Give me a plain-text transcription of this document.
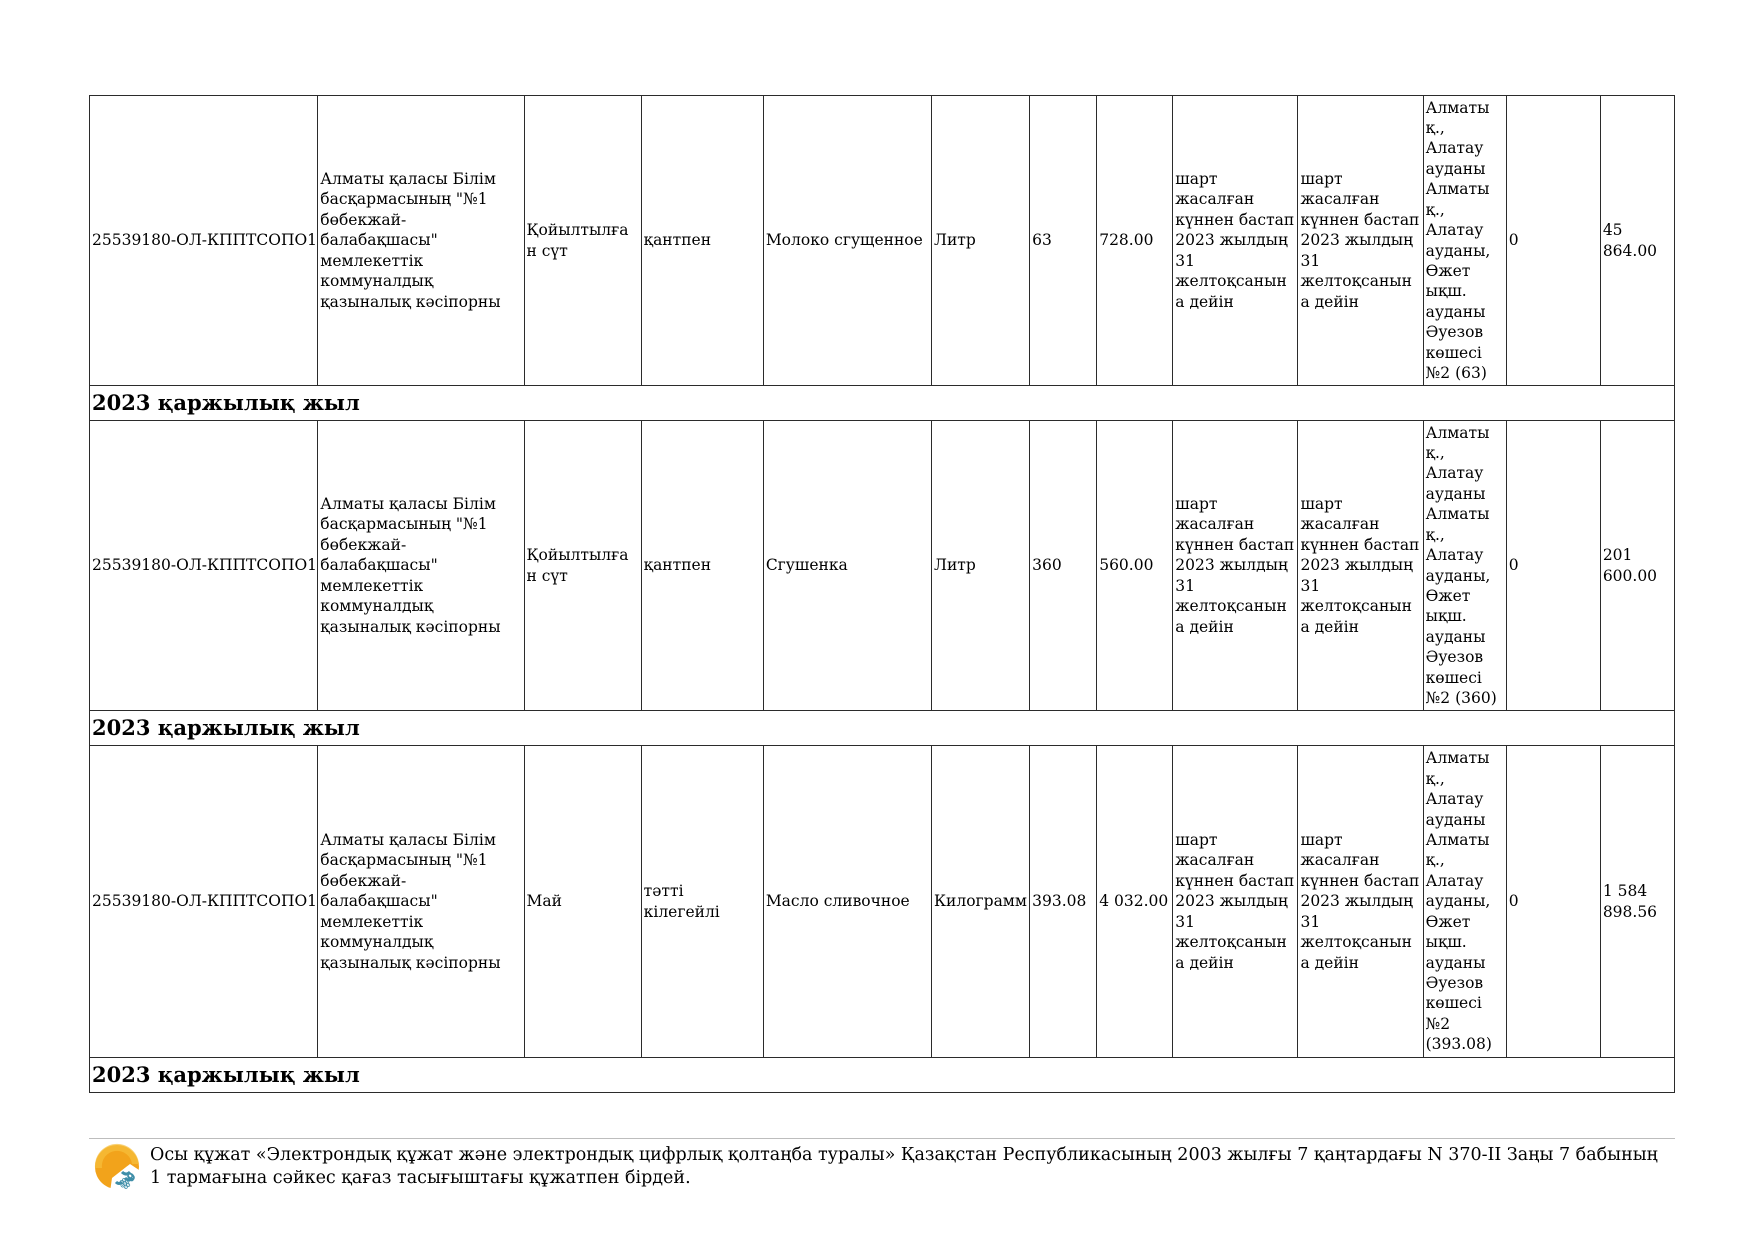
25539180-ОЛ-КППТСОПО1	Алматы қаласы Білім басқармасының "№1 бөбекжай-балабақшасы" мемлекеттік коммуналдық қазыналық кәсіпорны	Қойылтылған сүт	қантпен	Молоко сгущенное	Литр	63	728.00	шарт жасалған күннен бастап 2023 жылдың 31 желтоқсанына дейін	шарт жасалған күннен бастап 2023 жылдың 31 желтоқсанына дейін	Алматы қ., Алатау ауданы Алматы қ., Алатау ауданы, Өжет ықш. ауданы Әуезов көшесі №2 (63)	0	45 864.00
2023 қаржылық жыл												
25539180-ОЛ-КППТСОПО1	Алматы қаласы Білім басқармасының "№1 бөбекжай-балабақшасы" мемлекеттік коммуналдық қазыналық кәсіпорны	Қойылтылған сүт	қантпен	Сгушенка	Литр	360	560.00	шарт жасалған күннен бастап 2023 жылдың 31 желтоқсанына дейін	шарт жасалған күннен бастап 2023 жылдың 31 желтоқсанына дейін	Алматы қ., Алатау ауданы Алматы қ., Алатау ауданы, Өжет ықш. ауданы Әуезов көшесі №2 (360)	0	201 600.00
2023 қаржылық жыл												
25539180-ОЛ-КППТСОПО1	Алматы қаласы Білім басқармасының "№1 бөбекжай-балабақшасы" мемлекеттік коммуналдық қазыналық кәсіпорны	Май	тәтті кілегейлі	Масло сливочное	Килограмм	393.08	4 032.00	шарт жасалған күннен бастап 2023 жылдың 31 желтоқсанына дейін	шарт жасалған күннен бастап 2023 жылдың 31 желтоқсанына дейін	Алматы қ., Алатау ауданы Алматы қ., Алатау ауданы, Өжет ықш. ауданы Әуезов көшесі №2 (393.08)	0	1 584 898.56
2023 қаржылық жыл												
ꙮ9
Осы құжат «Электрондық құжат және электрондық цифрлық қолтаңба туралы» Қазақстан Республикасының 2003 жылғы 7 қаңтардағы N 370-II Заңы 7 бабының 1 тармағына сәйкес қағаз тасығыштағы құжатпен бірдей.
